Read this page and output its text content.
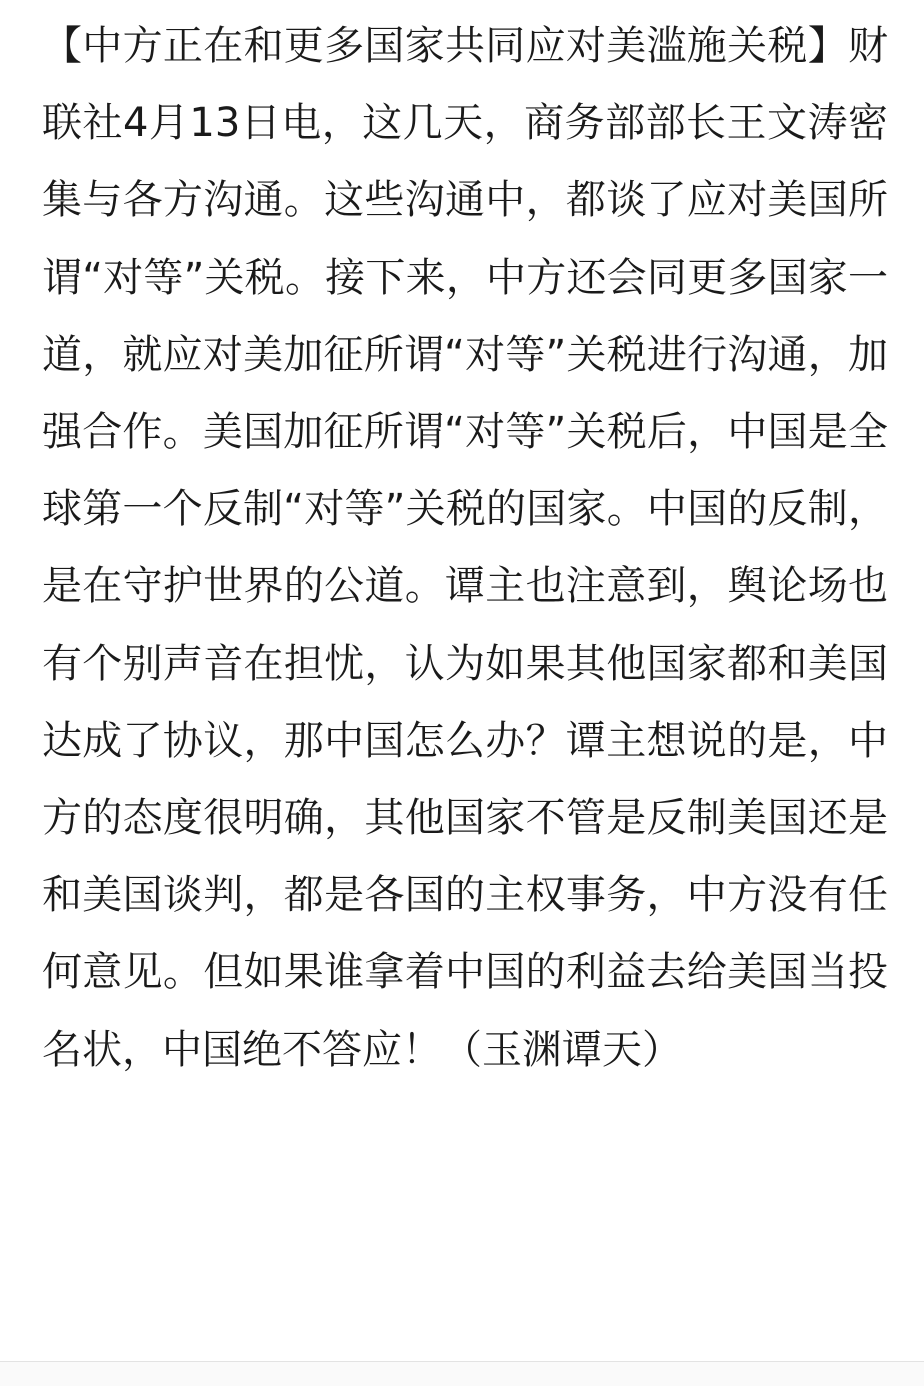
【中方正在和更多国家共同应对美滥施关税】财联社4月13日电，这几天，商务部部长王文涛密集与各方沟通。这些沟通中，都谈了应对美国所谓“对等”关税。接下来，中方还会同更多国家一道，就应对美加征所谓“对等”关税进行沟通，加强合作。美国加征所谓“对等”关税后，中国是全球第一个反制“对等”关税的国家。中国的反制，是在守护世界的公道。谭主也注意到，舆论场也有个别声音在担忧，认为如果其他国家都和美国达成了协议，那中国怎么办？谭主想说的是，中方的态度很明确，其他国家不管是反制美国还是和美国谈判，都是各国的主权事务，中方没有任何意见。但如果谁拿着中国的利益去给美国当投名状，中国绝不答应！（玉渊谭天）
